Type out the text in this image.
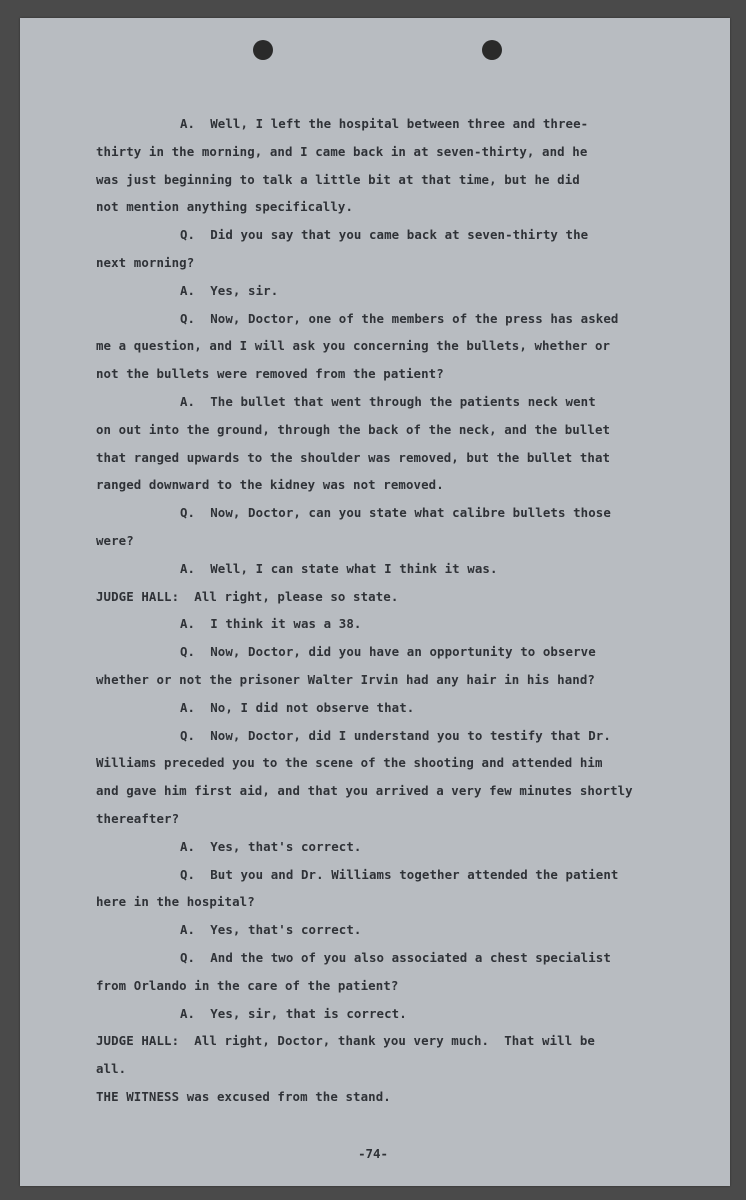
A.  Well, I left the hospital between three and three-
thirty in the morning, and I came back in at seven-thirty, and he
was just beginning to talk a little bit at that time, but he did
not mention anything specifically.
Q.  Did you say that you came back at seven-thirty the
next morning?
A.  Yes, sir.
Q.  Now, Doctor, one of the members of the press has asked
me a question, and I will ask you concerning the bullets, whether or
not the bullets were removed from the patient?
A.  The bullet that went through the patients neck went
on out into the ground, through the back of the neck, and the bullet
that ranged upwards to the shoulder was removed, but the bullet that
ranged downward to the kidney was not removed.
Q.  Now, Doctor, can you state what calibre bullets those
were?
A.  Well, I can state what I think it was.
JUDGE HALL:  All right, please so state.
A.  I think it was a 38.
Q.  Now, Doctor, did you have an opportunity to observe
whether or not the prisoner Walter Irvin had any hair in his hand?
A.  No, I did not observe that.
Q.  Now, Doctor, did I understand you to testify that Dr.
Williams preceded you to the scene of the shooting and attended him
and gave him first aid, and that you arrived a very few minutes shortly
thereafter?
A.  Yes, that's correct.
Q.  But you and Dr. Williams together attended the patient
here in the hospital?
A.  Yes, that's correct.
Q.  And the two of you also associated a chest specialist
from Orlando in the care of the patient?
A.  Yes, sir, that is correct.
JUDGE HALL:  All right, Doctor, thank you very much.  That will be
all.
THE WITNESS was excused from the stand.
-74-
